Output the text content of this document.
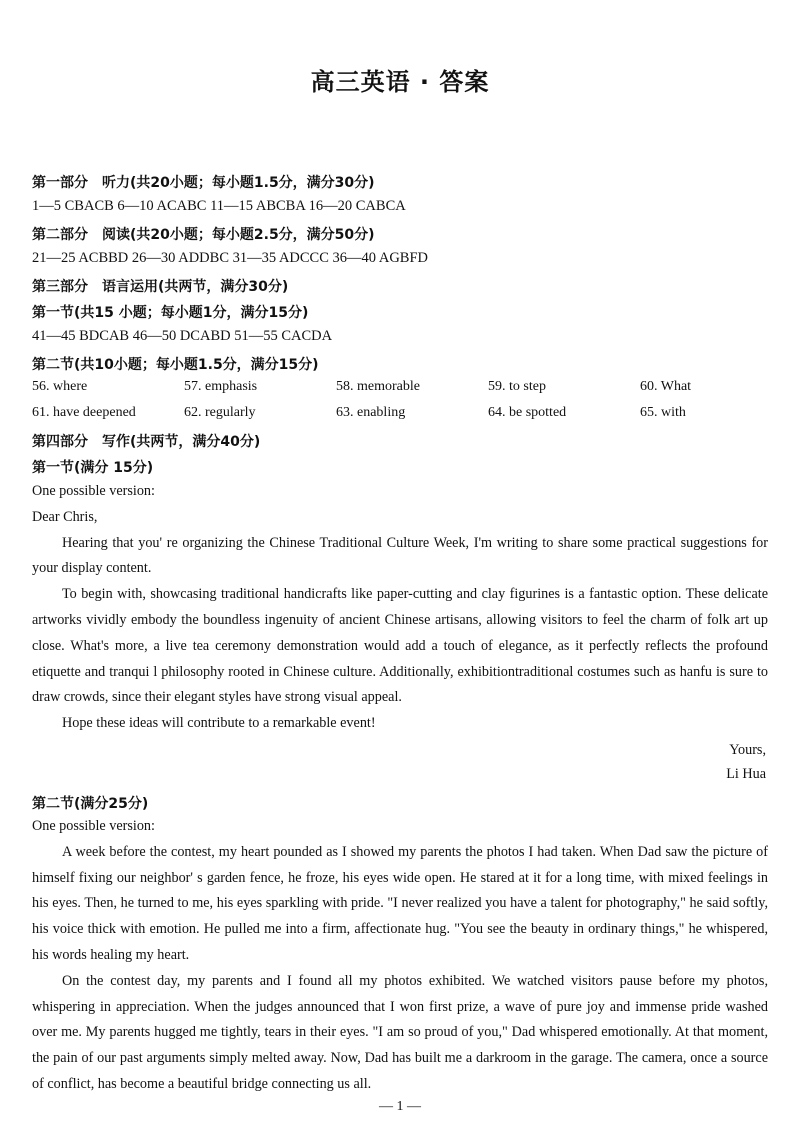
高三英语 · 答案
第一部分　听力(共20小题；每小题1.5分，满分30分)
1—5 CBACB 6—10 ACABC 11—15 ABCBA 16—20 CABCA
第二部分　阅读(共20小题；每小题2.5分，满分50分)
21—25 ACBBD 26—30 ADDBC 31—35 ADCCC 36—40 AGBFD
第三部分　语言运用(共两节，满分30分)
第一节(共15 小题；每小题1分，满分15分)
41—45 BDCAB 46—50 DCABD 51—55 CACDA
第二节(共10小题；每小题1.5分，满分15分)
56. where	57. emphasis	58. memorable	59. to step	60. What
61. have deepened	62. regularly	63. enabling	64. be spotted	65. with
第四部分　写作(共两节，满分40分)
第一节(满分 15分)

One possible version:

Dear Chris,

Hearing that you' re organizing the Chinese Traditional Culture Week, I'm writing to share some practical suggestions for your display content.

To begin with, showcasing traditional handicrafts like paper-cutting and clay figurines is a fantastic option. These delicate artworks vividly embody the boundless ingenuity of ancient Chinese artisans, allowing visitors to feel the charm of folk art up close. What's more, a live tea ceremony demonstration would add a touch of elegance, as it perfectly reflects the profound etiquette and tranqui l philosophy rooted in Chinese culture. Additionally, exhibitiontraditional costumes such as hanfu is sure to draw crowds, since their elegant styles have strong visual appeal.

Hope these ideas will contribute to a remarkable event!

Yours,
Li Hua
第二节(满分25分)

One possible version:

A week before the contest, my heart pounded as I showed my parents the photos I had taken. When Dad saw the picture of himself fixing our neighbor' s garden fence, he froze, his eyes wide open. He stared at it for a long time, with mixed feelings in his eyes. Then, he turned to me, his eyes sparkling with pride. "I never realized you have a talent for photography," he said softly, his voice thick with emotion. He pulled me into a firm, affectionate hug. "You see the beauty in ordinary things," he whispered, his words healing my heart.

On the contest day, my parents and I found all my photos exhibited. We watched visitors pause before my photos, whispering in appreciation. When the judges announced that I won first prize, a wave of pure joy and immense pride washed over me. My parents hugged me tightly, tears in their eyes. "I am so proud of you," Dad whispered emotionally. At that moment, the pain of our past arguments simply melted away. Now, Dad has built me a darkroom in the garage. The camera, once a source of conflict, has become a beautiful bridge connecting us all.

— 1 —
